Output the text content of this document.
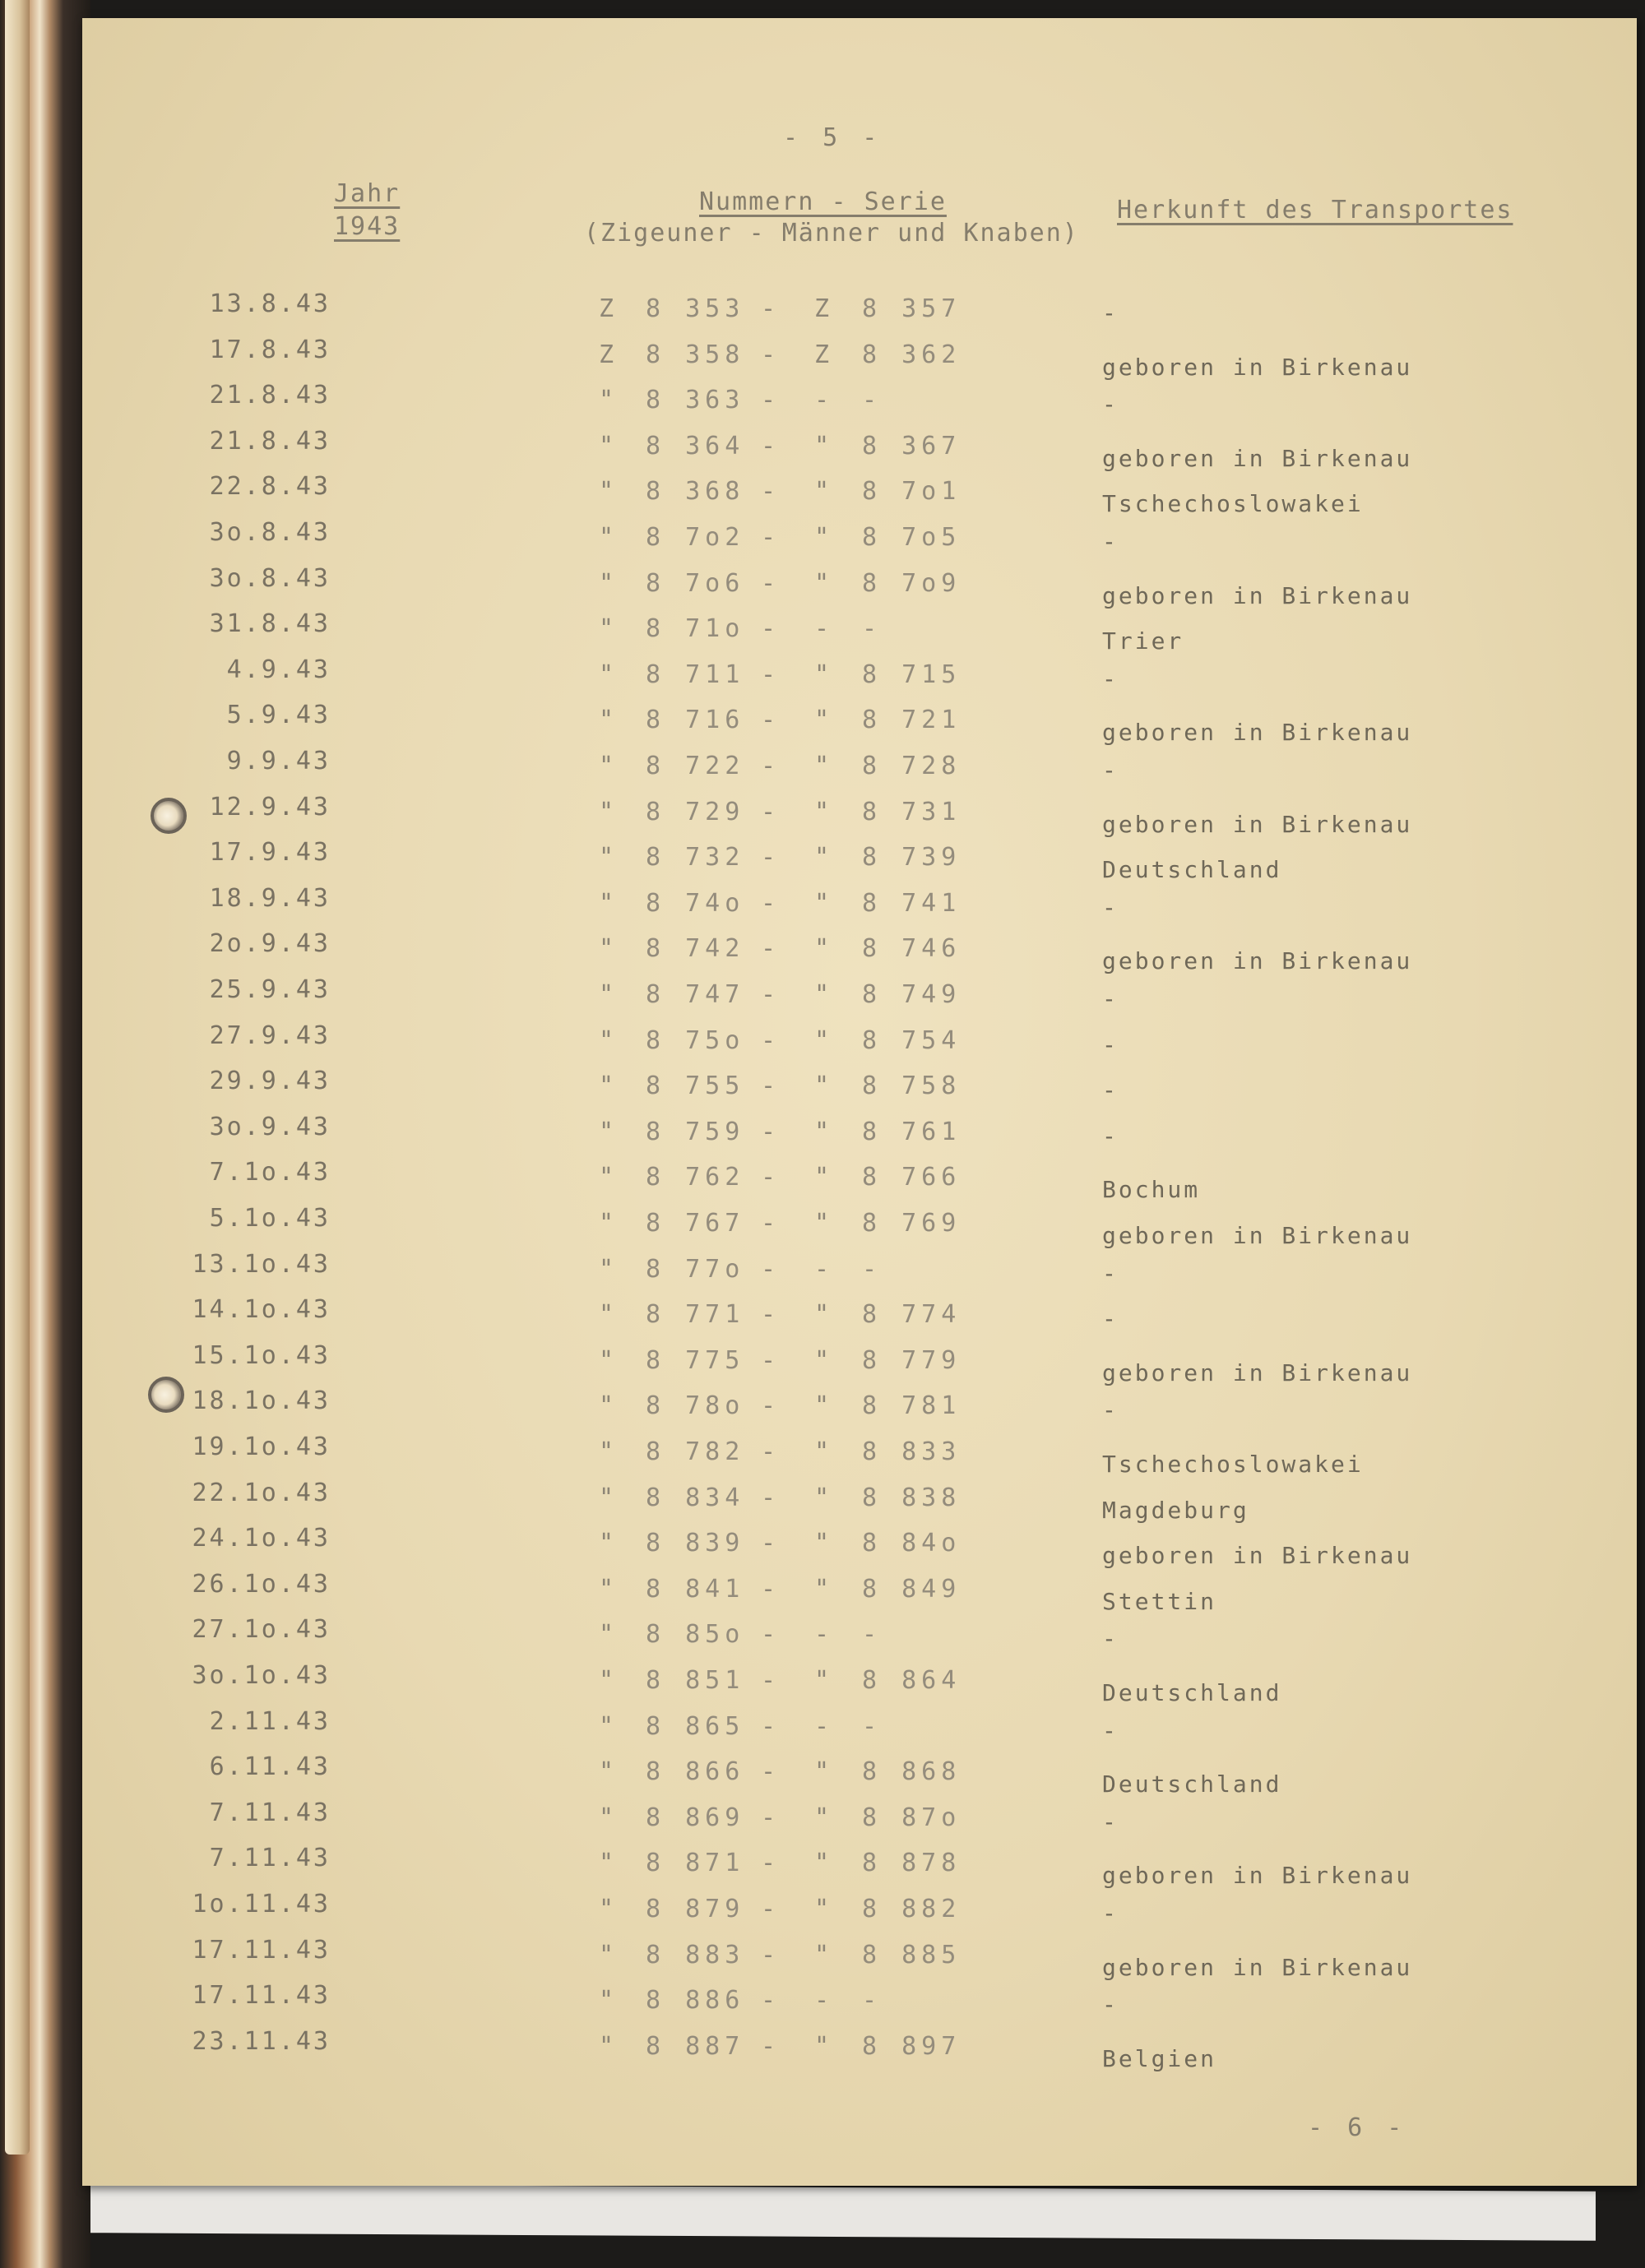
- 5 -
Jahr
1943
Nummern - Serie
(Zigeuner - Männer und Knaben)
Herkunft des Transportes
13.8.43	Z 8 353 - Z 8 357	-
17.8.43	Z 8 358 - Z 8 362	geboren in Birkenau
21.8.43	" 8 363 - - -	-
21.8.43	" 8 364 - " 8 367	geboren in Birkenau
22.8.43	" 8 368 - " 8 7o1	Tschechoslowakei
3o.8.43	" 8 7o2 - " 8 7o5	-
3o.8.43	" 8 7o6 - " 8 7o9	geboren in Birkenau
31.8.43	" 8 71o - - -	Trier
4.9.43	" 8 711 - " 8 715	-
5.9.43	" 8 716 - " 8 721	geboren in Birkenau
9.9.43	" 8 722 - " 8 728	-
12.9.43	" 8 729 - " 8 731	geboren in Birkenau
17.9.43	" 8 732 - " 8 739	Deutschland
18.9.43	" 8 74o - " 8 741	-
2o.9.43	" 8 742 - " 8 746	geboren in Birkenau
25.9.43	" 8 747 - " 8 749	-
27.9.43	" 8 75o - " 8 754	-
29.9.43	" 8 755 - " 8 758	-
3o.9.43	" 8 759 - " 8 761	-
7.1o.43	" 8 762 - " 8 766	Bochum
5.1o.43	" 8 767 - " 8 769	geboren in Birkenau
13.1o.43	" 8 77o - - -	-
14.1o.43	" 8 771 - " 8 774	-
15.1o.43	" 8 775 - " 8 779	geboren in Birkenau
18.1o.43	" 8 78o - " 8 781	-
19.1o.43	" 8 782 - " 8 833	Tschechoslowakei
22.1o.43	" 8 834 - " 8 838	Magdeburg
24.1o.43	" 8 839 - " 8 84o	geboren in Birkenau
26.1o.43	" 8 841 - " 8 849	Stettin
27.1o.43	" 8 85o - - -	-
3o.1o.43	" 8 851 - " 8 864	Deutschland
2.11.43	" 8 865 - - -	-
6.11.43	" 8 866 - " 8 868	Deutschland
7.11.43	" 8 869 - " 8 87o	-
7.11.43	" 8 871 - " 8 878	geboren in Birkenau
1o.11.43	" 8 879 - " 8 882	-
17.11.43	" 8 883 - " 8 885	geboren in Birkenau
17.11.43	" 8 886 - - -	-
23.11.43	" 8 887 - " 8 897	Belgien
- 6 -
